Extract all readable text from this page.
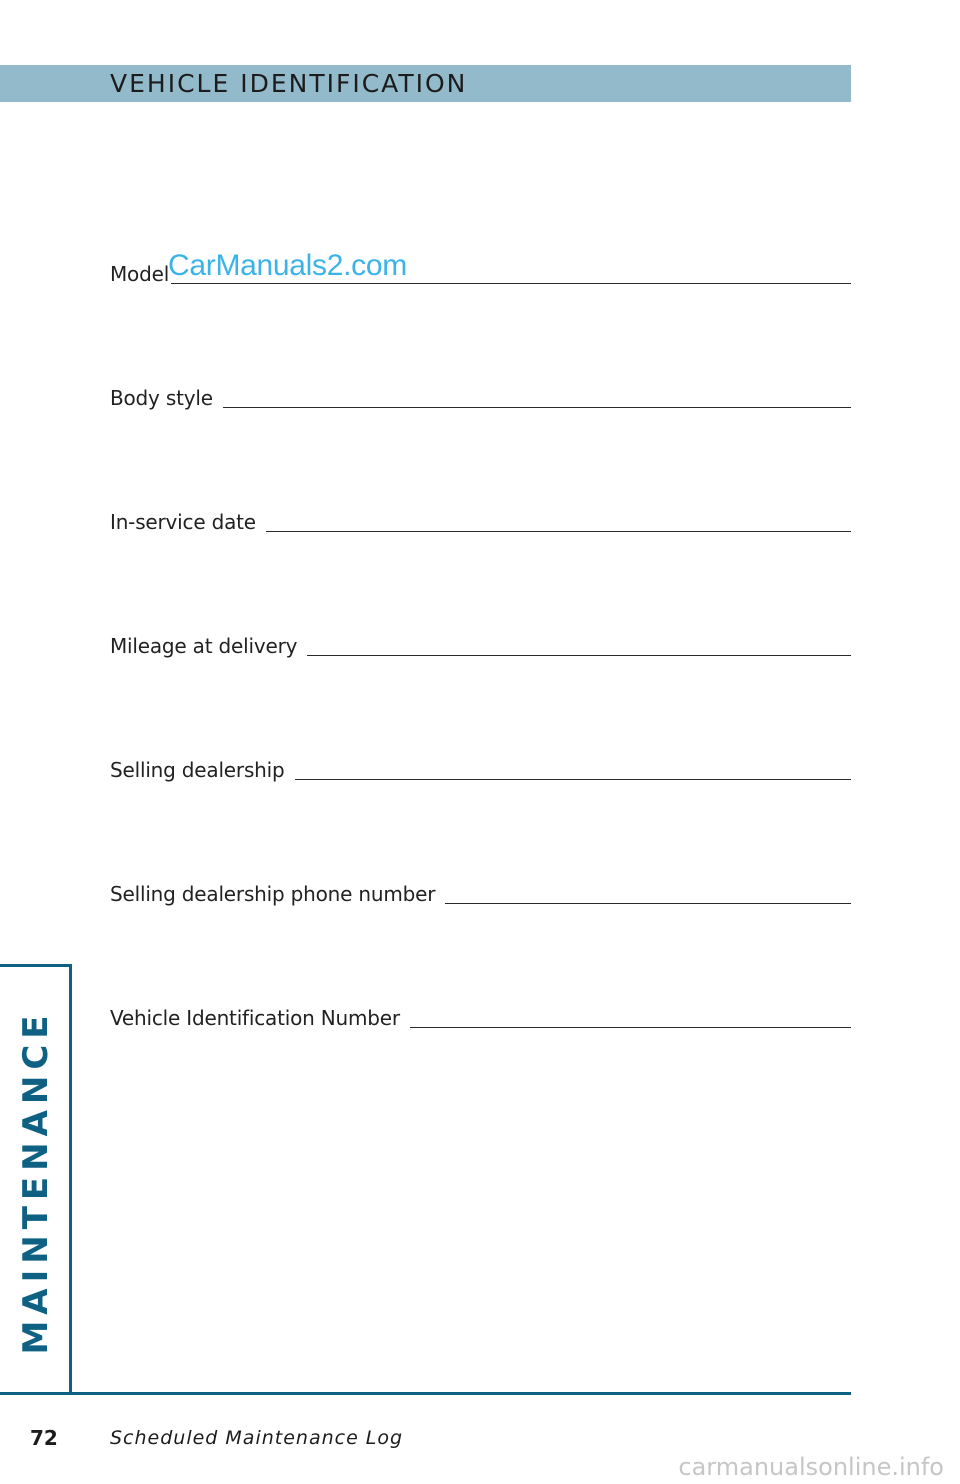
VEHICLE IDENTIFICATION
Model
CarManuals2.com
Body style
In-service date
Mileage at delivery
Selling dealership
Selling dealership phone number
Vehicle Identification Number
MAINTENANCE
72	Scheduled Maintenance Log
carmanualsonline.info
